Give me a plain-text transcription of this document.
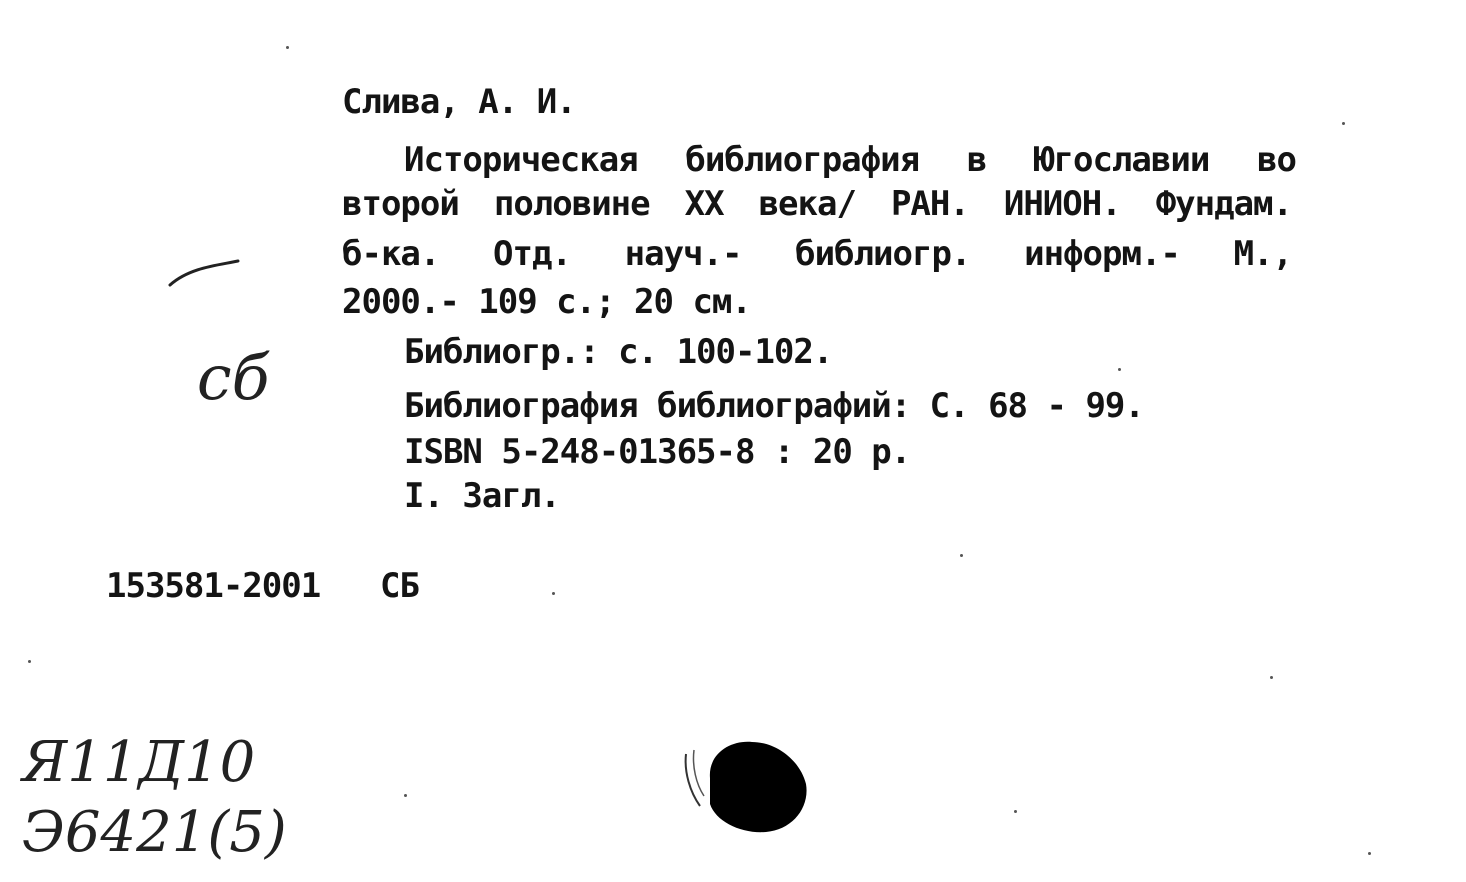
сб

Слива, А. И.
Историческая библиография в Югославии во
второй половине XX века/ РАН. ИНИОН. Фундам.
б-ка. Отд. науч.- библиогр. информ.- М.,
2000.- 109 с.; 20 см.
Библиогр.: с. 100-102.
Библиография библиографий: С. 68 - 99.
ISBN 5-248-01365-8 : 20 р.
I. Загл.
153581-2001 СБ
Я11Д10
Э6421(5)
